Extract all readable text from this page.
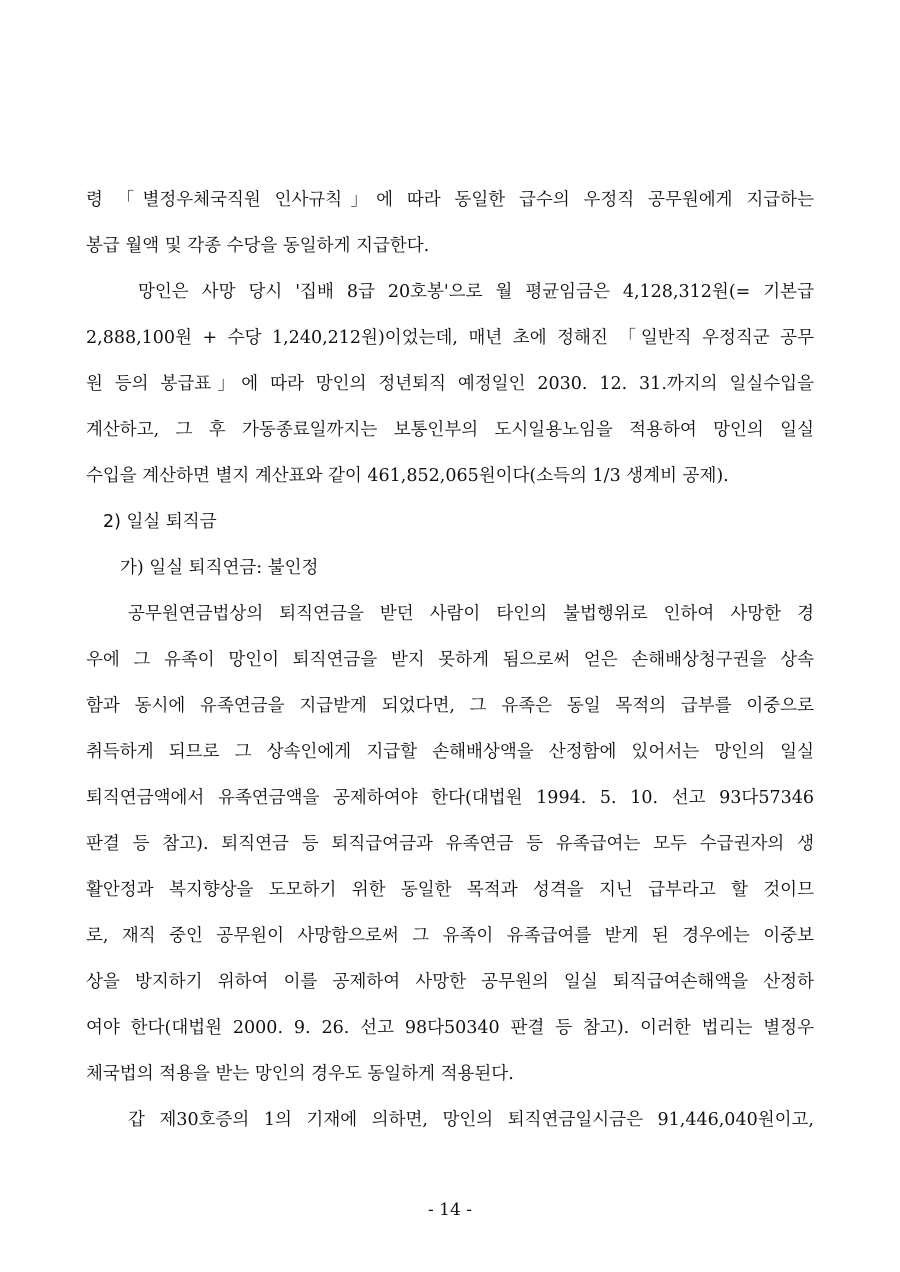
령 「별정우체국직원 인사규칙」에 따라 동일한 급수의 우정직 공무원에게 지급하는
봉급 월액 및 각종 수당을 동일하게 지급한다.
망인은 사망 당시 '집배 8급 20호봉'으로 월 평균임금은 4,128,312원(= 기본급
2,888,100원 + 수당 1,240,212원)이었는데, 매년 초에 정해진 「일반직 우정직군 공무
원 등의 봉급표」에 따라 망인의 정년퇴직 예정일인 2030. 12. 31.까지의 일실수입을
계산하고, 그 후 가동종료일까지는 보통인부의 도시일용노임을 적용하여 망인의 일실
수입을 계산하면 별지 계산표와 같이 461,852,065원이다(소득의 1/3 생계비 공제).
2) 일실 퇴직금
가) 일실 퇴직연금: 불인정
공무원연금법상의 퇴직연금을 받던 사람이 타인의 불법행위로 인하여 사망한 경
우에 그 유족이 망인이 퇴직연금을 받지 못하게 됨으로써 얻은 손해배상청구권을 상속
함과 동시에 유족연금을 지급받게 되었다면, 그 유족은 동일 목적의 급부를 이중으로
취득하게 되므로 그 상속인에게 지급할 손해배상액을 산정함에 있어서는 망인의 일실
퇴직연금액에서 유족연금액을 공제하여야 한다(대법원 1994. 5. 10. 선고 93다57346
판결 등 참고). 퇴직연금 등 퇴직급여금과 유족연금 등 유족급여는 모두 수급권자의 생
활안정과 복지향상을 도모하기 위한 동일한 목적과 성격을 지닌 급부라고 할 것이므
로, 재직 중인 공무원이 사망함으로써 그 유족이 유족급여를 받게 된 경우에는 이중보
상을 방지하기 위하여 이를 공제하여 사망한 공무원의 일실 퇴직급여손해액을 산정하
여야 한다(대법원 2000. 9. 26. 선고 98다50340 판결 등 참고). 이러한 법리는 별정우
체국법의 적용을 받는 망인의 경우도 동일하게 적용된다.
갑 제30호증의 1의 기재에 의하면, 망인의 퇴직연금일시금은 91,446,040원이고,
- 14 -
